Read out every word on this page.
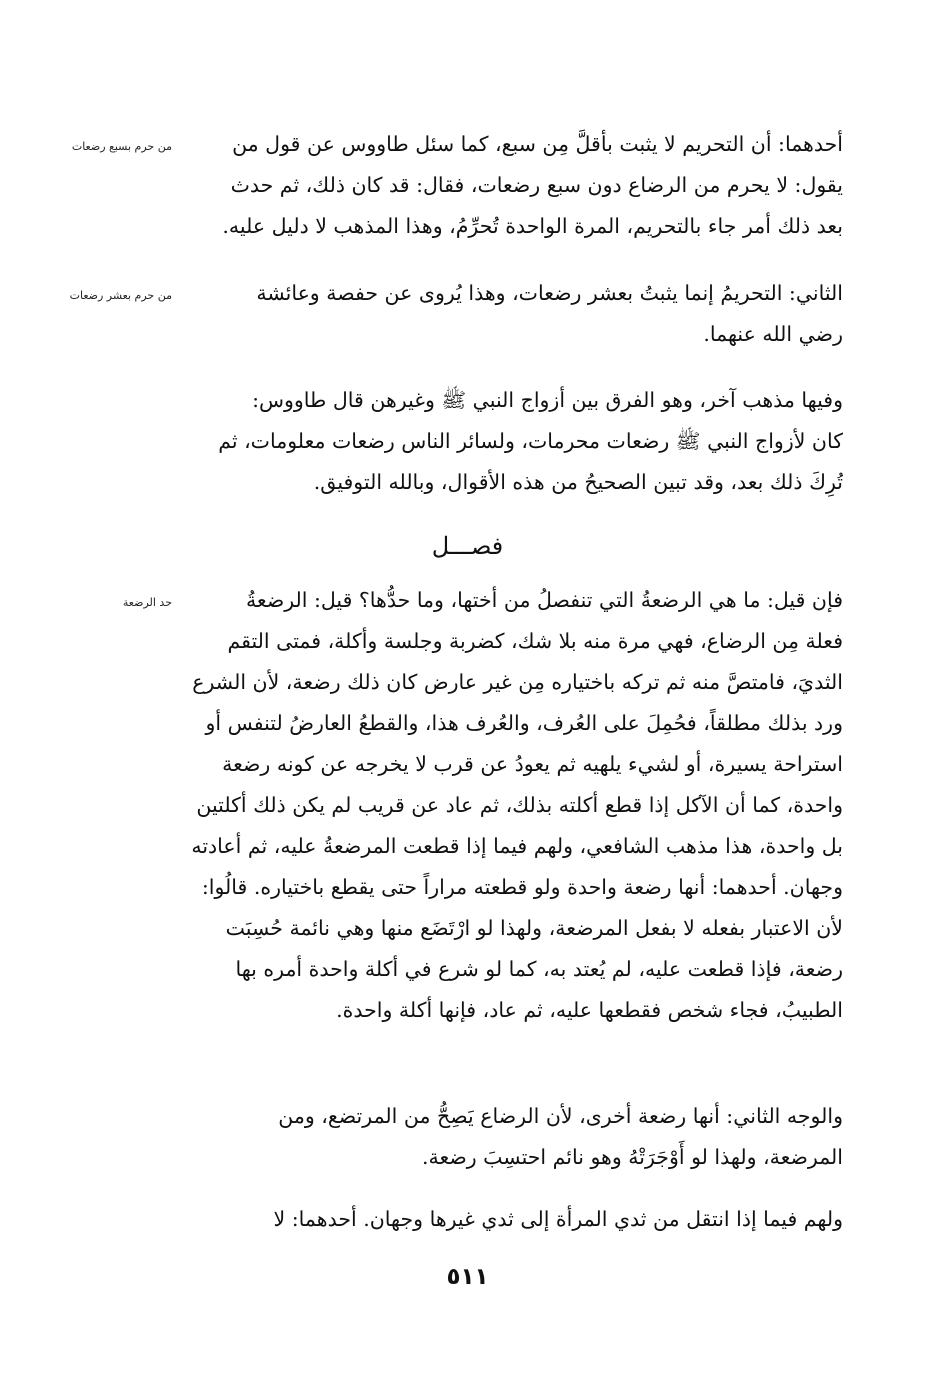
من حرم بسبع رضعات
من حرم بعشر رضعات
حد الرضعة
أحدهما: أن التحريم لا يثبت بأقلَّ مِن سبع، كما سئل طاووس عن قول من
يقول: لا يحرم من الرضاع دون سبع رضعات، فقال: قد كان ذلك، ثم حدث
بعد ذلك أمر جاء بالتحريم، المرة الواحدة تُحرِّمُ، وهذا المذهب لا دليل عليه.
الثاني: التحريمُ إنما يثبتُ بعشر رضعات، وهذا يُروى عن حفصة وعائشة
رضي الله عنهما.
وفيها مذهب آخر، وهو الفرق بين أزواج النبي ﷺ وغيرهن قال طاووس:
كان لأزواج النبي ﷺ رضعات محرمات، ولسائر الناس رضعات معلومات، ثم
تُرِكَ ذلك بعد، وقد تبين الصحيحُ من هذه الأقوال، وبالله التوفيق.
فصـــل
فإن قيل: ما هي الرضعةُ التي تنفصلُ من أختها، وما حدُّها؟ قيل: الرضعةُ
فعلة مِن الرضاع، فهي مرة منه بلا شك، كضربة وجلسة وأكلة، فمتى التقم
الثديَ، فامتصَّ منه ثم تركه باختياره مِن غير عارض كان ذلك رضعة، لأن الشرع
ورد بذلك مطلقاً، فحُمِلَ على العُرف، والعُرف هذا، والقطعُ العارضُ لتنفس أو
استراحة يسيرة، أو لشيء يلهيه ثم يعودُ عن قرب لا يخرجه عن كونه رضعة
واحدة، كما أن الآكل إذا قطع أكلته بذلك، ثم عاد عن قريب لم يكن ذلك أكلتين
بل واحدة، هذا مذهب الشافعي، ولهم فيما إذا قطعت المرضعةُ عليه، ثم أعادته
وجهان. أحدهما: أنها رضعة واحدة ولو قطعته مراراً حتى يقطع باختياره. قالُوا:
لأن الاعتبار بفعله لا بفعل المرضعة، ولهذا لو ارْتَضَع منها وهي نائمة حُسِبَت
رضعة، فإذا قطعت عليه، لم يُعتد به، كما لو شرع في أكلة واحدة أمره بها
الطبيبُ، فجاء شخص فقطعها عليه، ثم عاد، فإنها أكلة واحدة.
والوجه الثاني: أنها رضعة أخرى، لأن الرضاع يَصِحُّ من المرتضع، ومن
المرضعة، ولهذا لو أَوْجَرَتْهُ وهو نائم احتسِبَ رضعة.
ولهم فيما إذا انتقل من ثدي المرأة إلى ثدي غيرها وجهان. أحدهما: لا
٥١١
